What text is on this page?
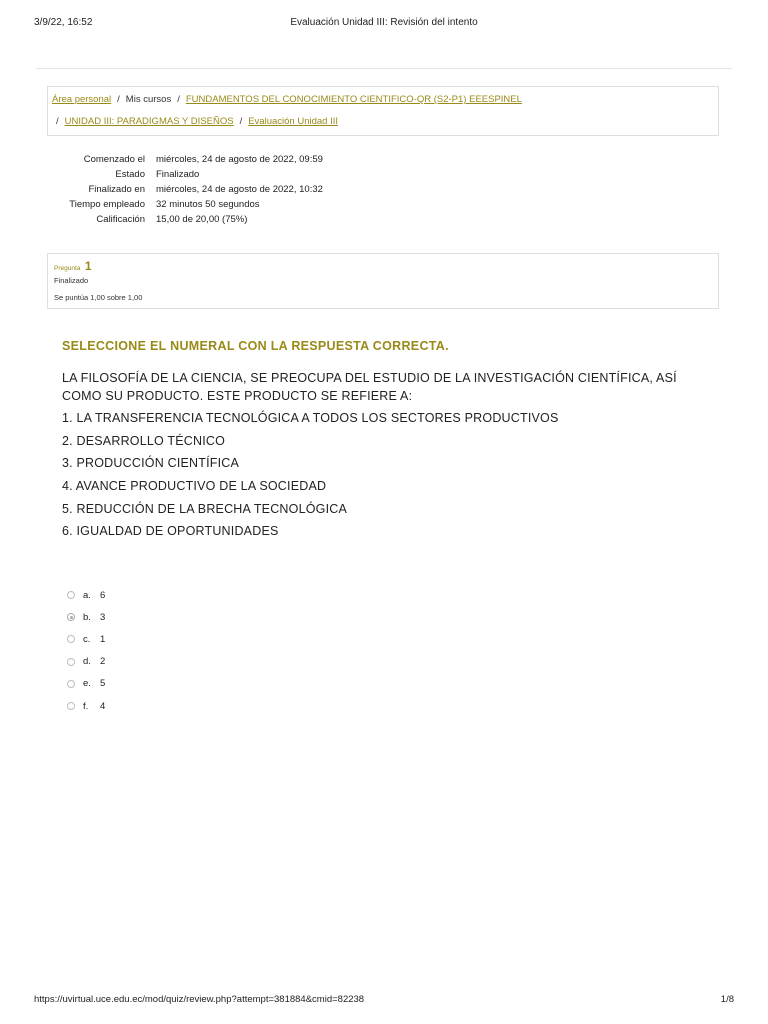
3/9/22, 16:52	Evaluación Unidad III: Revisión del intento
Área personal / Mis cursos / FUNDAMENTOS DEL CONOCIMIENTO CIENTIFICO-QR (S2-P1) EEESPINEL
/ UNIDAD III: PARADIGMAS Y DISEÑOS / Evaluación Unidad III
Comenzado el	miércoles, 24 de agosto de 2022, 09:59
Estado	Finalizado
Finalizado en	miércoles, 24 de agosto de 2022, 10:32
Tiempo empleado	32 minutos 50 segundos
Calificación	15,00 de 20,00 (75%)
Pregunta 1
Finalizado
Se puntúa 1,00 sobre 1,00
SELECCIONE EL NUMERAL CON LA RESPUESTA CORRECTA.
LA FILOSOFÍA DE LA CIENCIA, SE PREOCUPA DEL ESTUDIO DE LA INVESTIGACIÓN CIENTÍFICA, ASÍ COMO SU PRODUCTO. ESTE PRODUCTO SE REFIERE A:
1. LA TRANSFERENCIA TECNOLÓGICA A TODOS LOS SECTORES PRODUCTIVOS
2. DESARROLLO TÉCNICO
3. PRODUCCIÓN CIENTÍFICA
4. AVANCE PRODUCTIVO DE LA SOCIEDAD
5. REDUCCIÓN DE LA BRECHA TECNOLÓGICA
6. IGUALDAD DE OPORTUNIDADES
a. 6
b. 3
c.	1
d. 2
e. 5
f.	4
https://uvirtual.uce.edu.ec/mod/quiz/review.php?attempt=381884&cmid=82238	1/8
